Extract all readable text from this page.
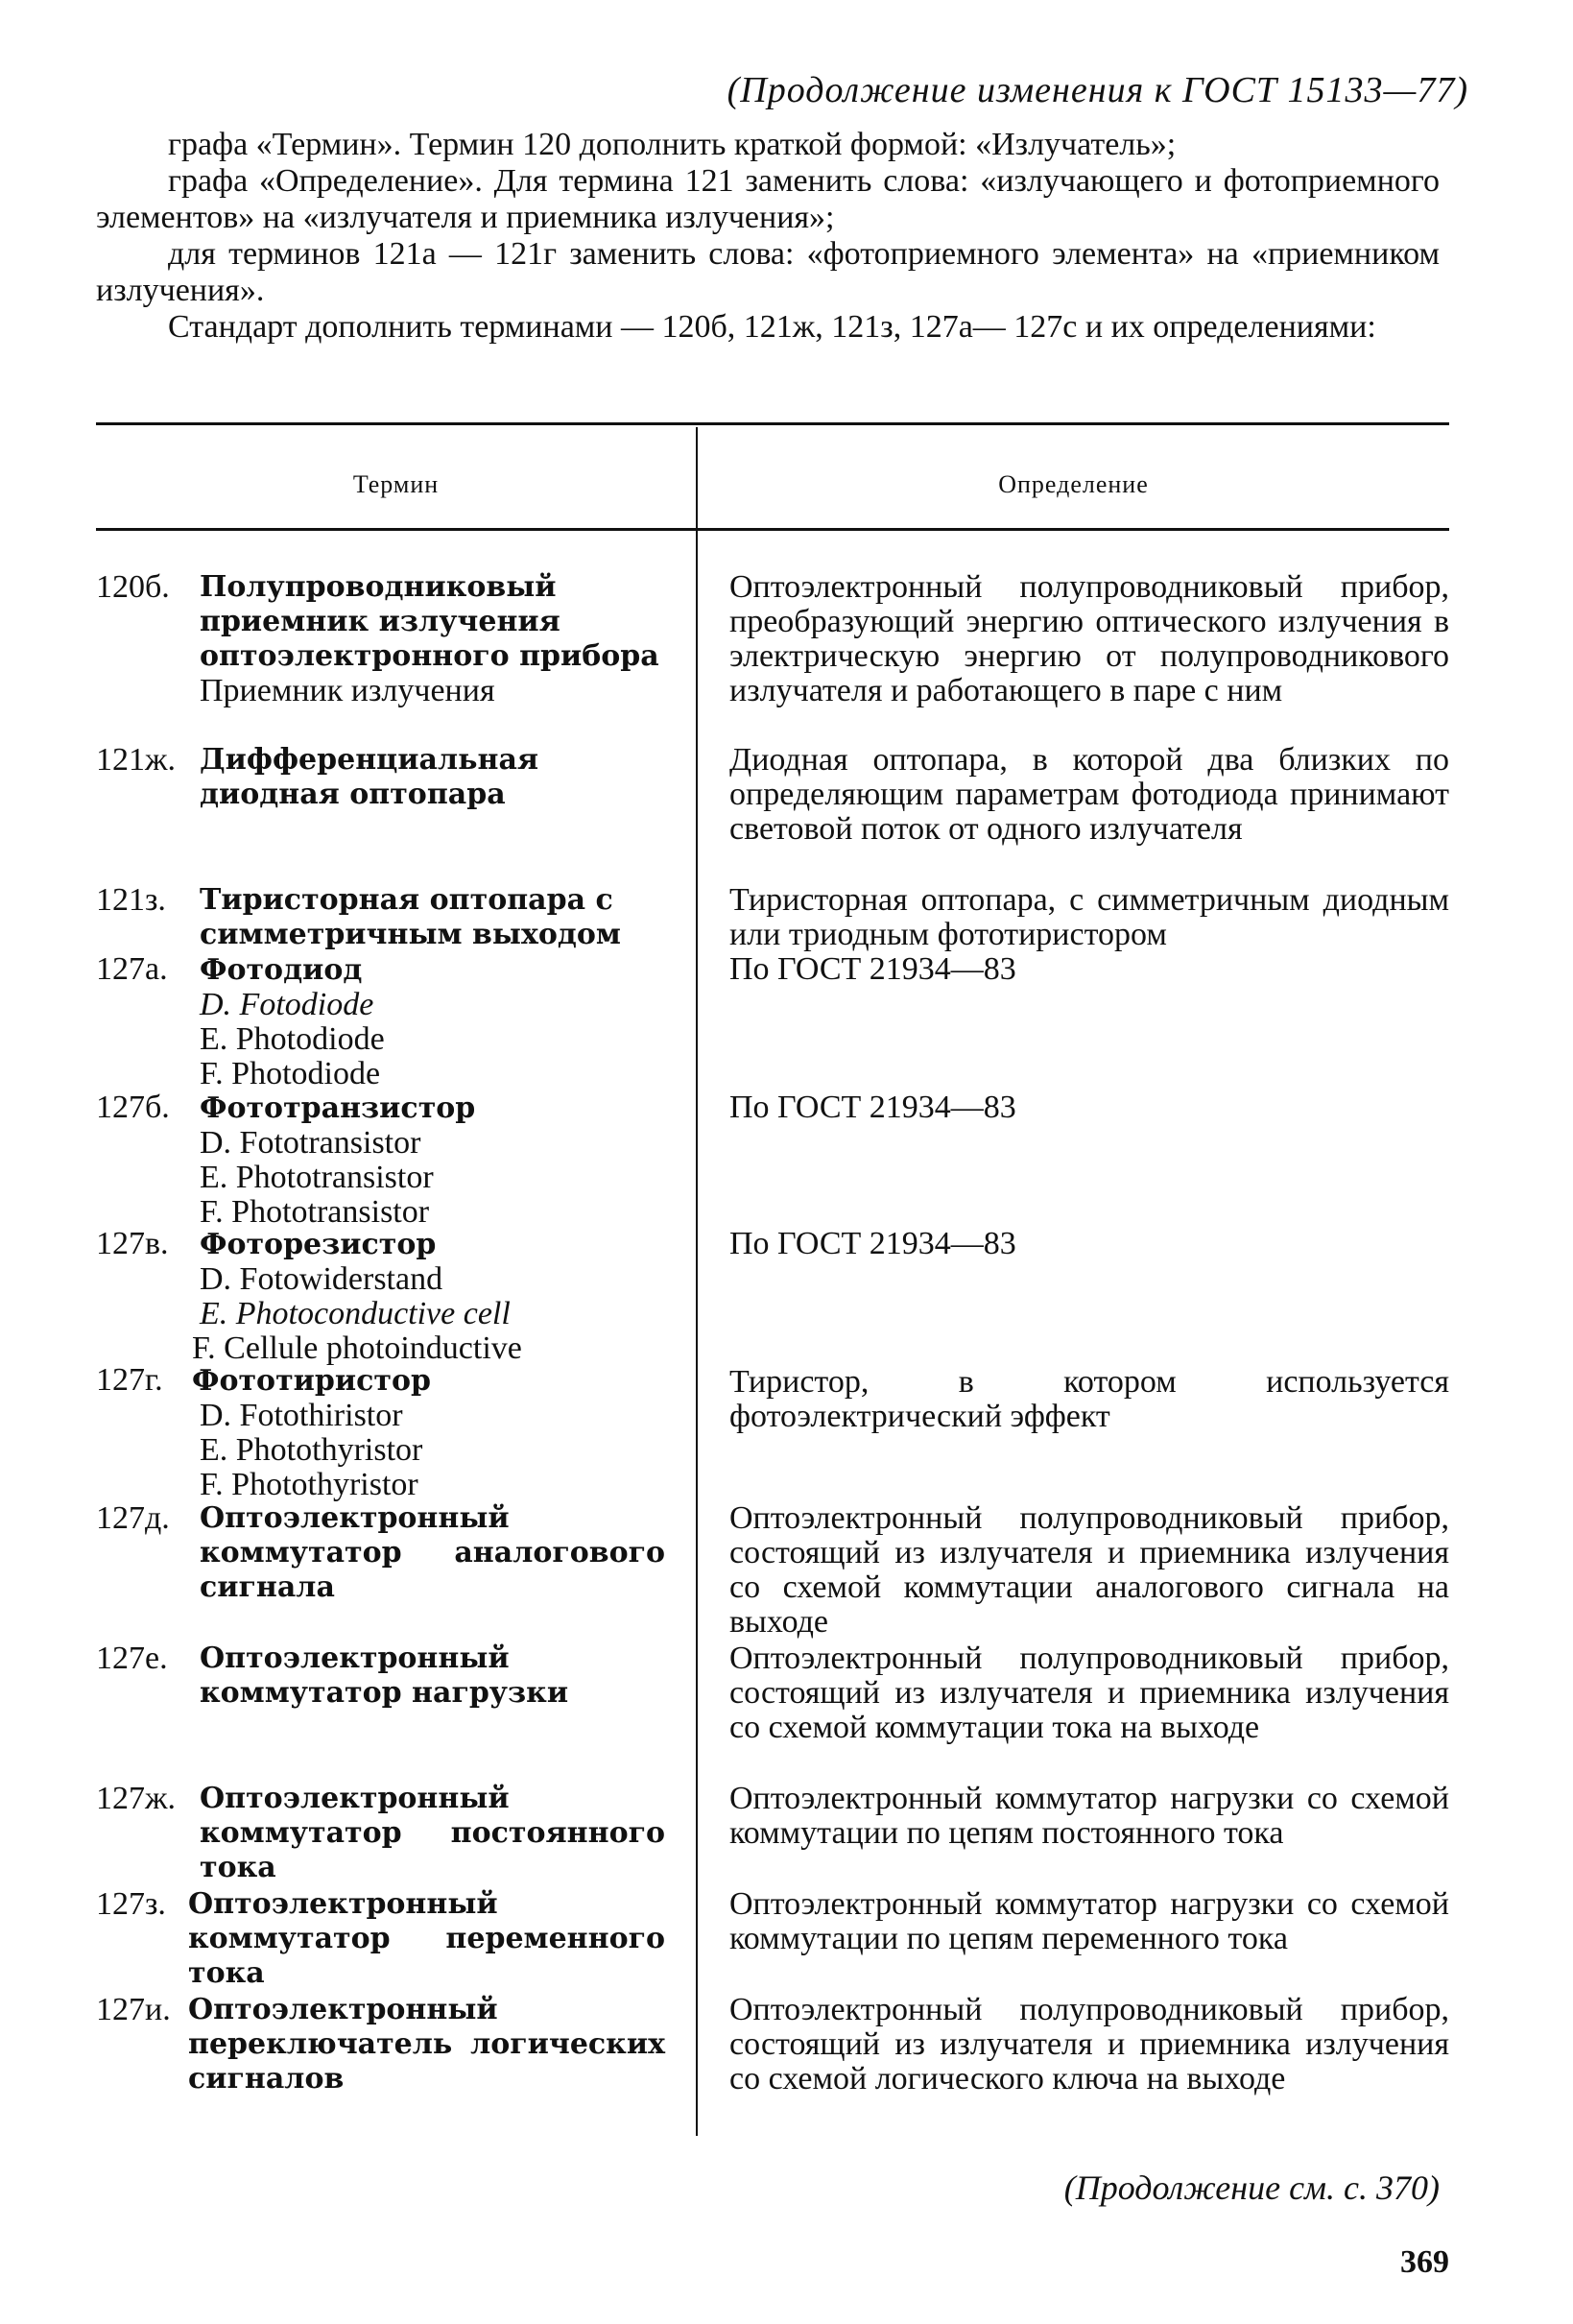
(Продолжение изменения к ГОСТ 15133—77)

графа «Термин». Термин 120 дополнить краткой формой: «Излучатель»;

графа «Определение». Для термина 121 заменить слова: «излучающего и фотоприемного элементов» на «излучателя и приемника излучения»;

для терминов 121а — 121г заменить слова: «фотоприемного элемента» на «приемником излучения».

Стандарт дополнить терминами — 120б, 121ж, 121з, 127а— 127с и их определениями:

Термин	Определение
120б. Полупроводниковый приемник излучения оптоэлектронного прибора
Приемник излучения
Оптоэлектронный полупроводниковый прибор, преобразующий энергию оптического излучения в электрическую энергию от полупроводникового излучателя и работающего в паре с ним
121ж. Дифференциальная диодная оптопара
Диодная оптопара, в которой два близких по определяющим параметрам фотодиода принимают световой поток от одного излучателя
121з. Тиристорная оптопара с симметричным выходом
Тиристорная оптопара, с симметричным диодным или триодным фототиристором
127а. Фотодиод
D. Fotodiode
E. Photodiode
F. Photodiode
По ГОСТ 21934—83
127б. Фототранзистор
D. Fototransistor
E. Phototransistor
F. Phototransistor
По ГОСТ 21934—83
127в. Фоторезистор
D. Fotowiderstand
E. Photoconductive cell
F. Cellule photoinductive
По ГОСТ 21934—83
127г. Фототиристор
D. Fotothiristor
E. Photothyristor
F. Photothyristor
Тиристор, в котором используется фотоэлектрический эффект
127д. Оптоэлектронный коммутатор аналогового сигнала
Оптоэлектронный полупроводниковый прибор, состоящий из излучателя и приемника излучения со схемой коммутации аналогового сигнала на выходе
127е. Оптоэлектронный коммутатор нагрузки
Оптоэлектронный полупроводниковый прибор, состоящий из излучателя и приемника излучения со схемой коммутации тока на выходе
127ж. Оптоэлектронный коммутатор постоянного тока
Оптоэлектронный коммутатор нагрузки со схемой коммутации по цепям постоянного тока
127з. Оптоэлектронный коммутатор переменного тока
Оптоэлектронный коммутатор нагрузки со схемой коммутации по цепям переменного тока
127и. Оптоэлектронный переключатель логических сигналов
Оптоэлектронный полупроводниковый прибор, состоящий из излучателя и приемника излучения со схемой логического ключа на выходе
(Продолжение см. с. 370)
369
